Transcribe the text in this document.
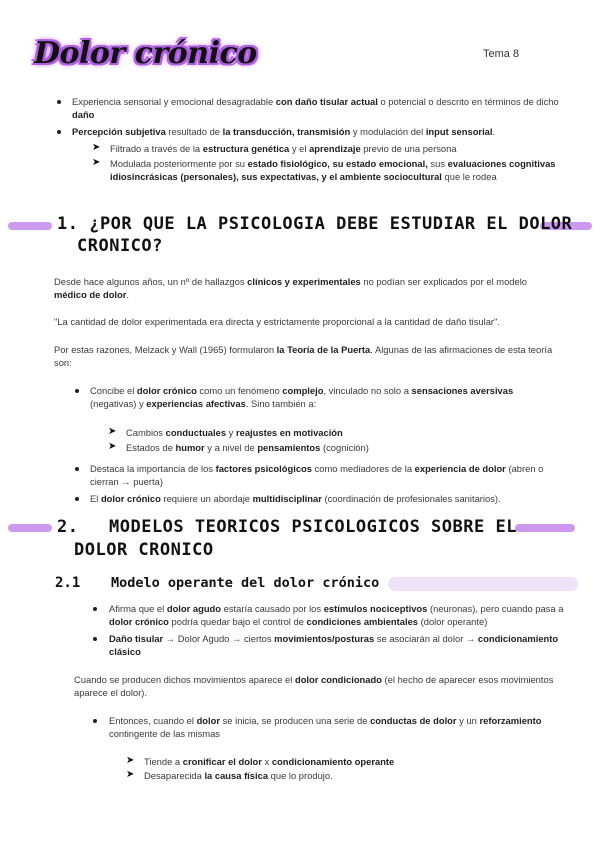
Dolor crónico	Tema 8
Experiencia sensorial y emocional desagradable con daño tisular actual o potencial o descrito en términos de dicho daño
Percepción subjetiva resultado de la transducción, transmisión y modulación del input sensorial.
➤ Filtrado a través de la estructura genética y el aprendizaje previo de una persona
➤ Modulada posteriormente por su estado fisiológico, su estado emocional, sus evaluaciones cognitivas idiosincrásicas (personales), sus expectativas, y el ambiente sociocultural que le rodea
1. ¿POR QUE LA PSICOLOGIA DEBE ESTUDIAR EL DOLOR
CRONICO?
Desde hace algunos años, un nº de hallazgos clínicos y experimentales no podían ser explicados por el modelo médico de dolor.
"La cantidad de dolor experimentada era directa y estrictamente proporcional a la cantidad de daño tisular".
Por estas razones, Melzack y Wall (1965) formularon la Teoría de la Puerta. Algunas de las afirmaciones de esta teoría son:
Concibe el dolor crónico como un fenómeno complejo, vinculado no solo a sensaciones aversivas (negativas) y experiencias afectivas. Sino también a:
➤ Cambios conductuales y reajustes en motivación
➤ Estados de humor y a nivel de pensamientos (cognición)
Destaca la importancia de los factores psicológicos como mediadores de la experiencia de dolor (abren o cierran → puerta)
El dolor crónico requiere un abordaje multidisciplinar (coordinación de profesionales sanitarios).
2. MODELOS TEORICOS PSICOLOGICOS SOBRE EL
DOLOR CRONICO
2.1 Modelo operante del dolor crónico
Afirma que el dolor agudo estaría causado por los estímulos nociceptivos (neuronas), pero cuando pasa a dolor crónico podría quedar bajo el control de condiciones ambientales (dolor operante)
Daño tisular → Dolor Agudo → ciertos movimientos/posturas se asociarán al dolor → condicionamiento clásico
Cuando se producen dichos movimientos aparece el dolor condicionado (el hecho de aparecer esos movimientos aparece el dolor).
Entonces, cuando el dolor se inicia, se producen una serie de conductas de dolor y un reforzamiento contingente de las mismas
➤ Tiende a cronificar el dolor x condicionamiento operante
➤ Desaparecida la causa física que lo produjo.
